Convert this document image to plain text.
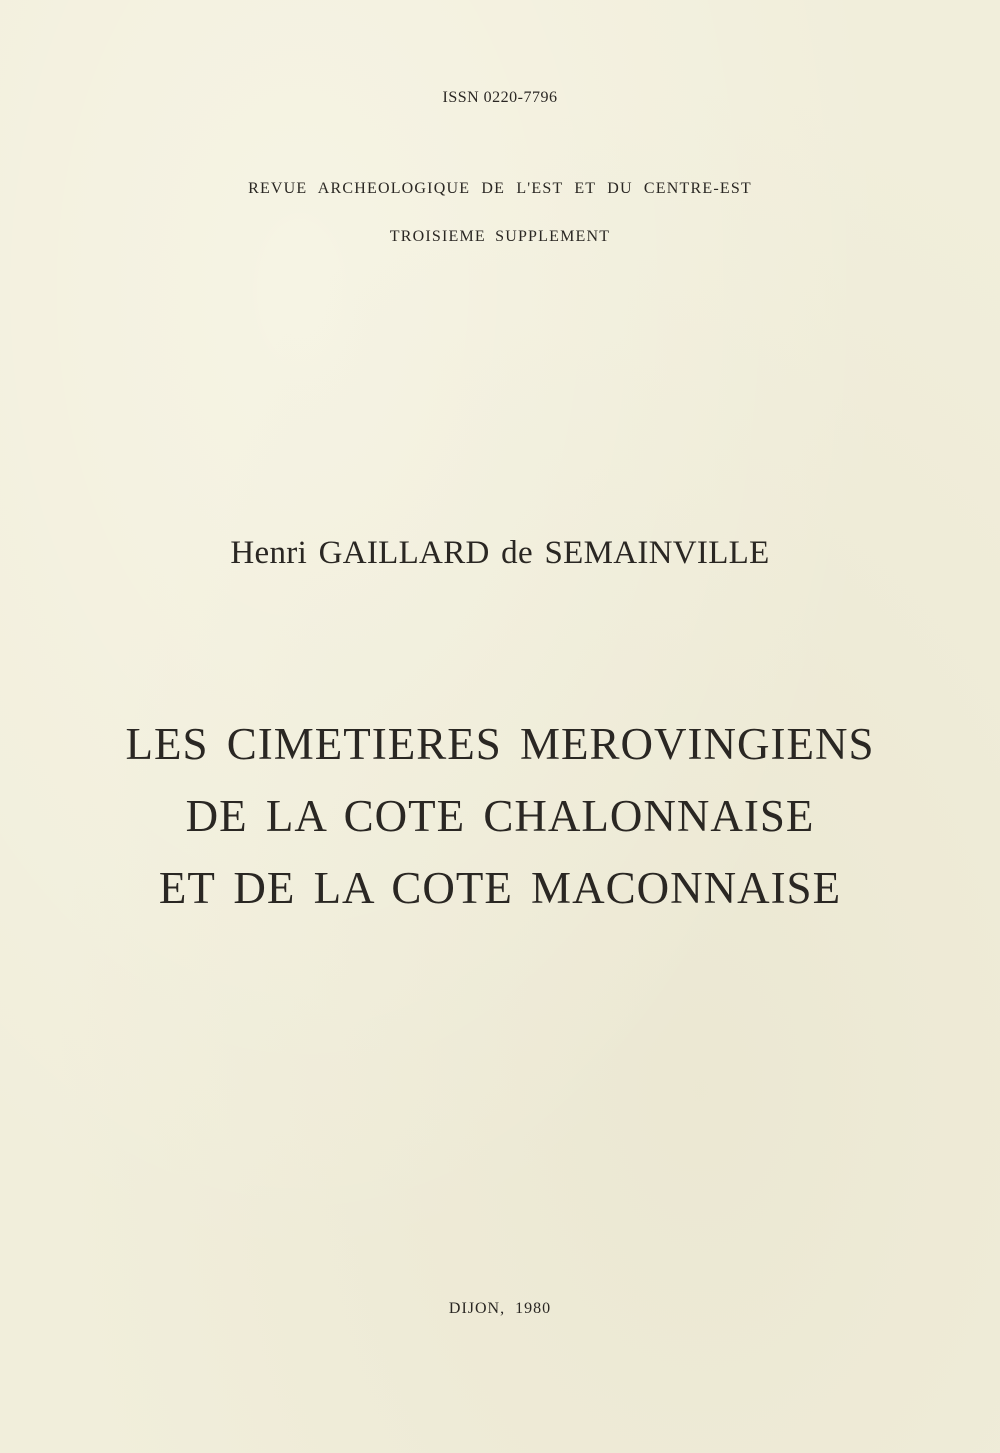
ISSN 0220-7796

REVUE ARCHEOLOGIQUE DE L'EST ET DU CENTRE-EST

TROISIEME SUPPLEMENT

Henri GAILLARD de SEMAINVILLE

LES CIMETIERES MEROVINGIENS
DE LA COTE CHALONNAISE
ET DE LA COTE MACONNAISE

DIJON, 1980
